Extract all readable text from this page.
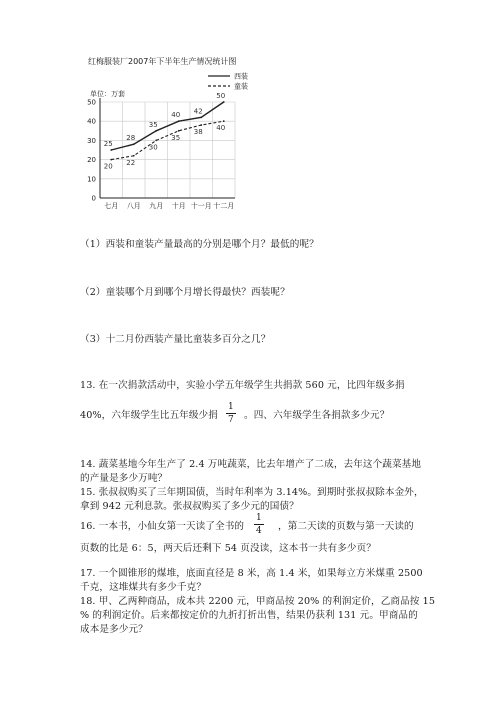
红梅服装厂2007年下半年生产情况统计图
单位：万套
0
10
20
30
40
50
七月 八月 九月 十月 十一月 十二月
25
28
35
40 42
50
20 22
30
35
38 40
西装
童装
（1）西装和童装产量最高的分别是哪个月？最低的呢？
（2）童装哪个月到哪个月增长得最快？西装呢？
（3）十二月份西装产量比童装多百分之几？
13. 在一次捐款活动中，实验小学五年级学生共捐款 560 元，比四年级多捐
40%，六年级学生比五年级少捐 $\frac{1}{7}$ 。四、六年级学生各捐款多少元？
14. 蔬菜基地今年生产了 2.4 万吨蔬菜，比去年增产了二成，去年这个蔬菜基地
的产量是多少万吨？
15. 张叔叔购买了三年期国债，当时年利率为 3.14%。到期时张叔叔除本金外，
拿到 942 元利息款。张叔叔购买了多少元的国债？
16. 一本书，小仙女第一天读了全书的 $\frac{1}{4}$ ，第二天读的页数与第一天读的
页数的比是 6：5，两天后还剩下 54 页没读，这本书一共有多少页？
17. 一个圆锥形的煤堆，底面直径是 8 米，高 1.4 米，如果每立方米煤重 2500
千克，这堆煤共有多少千克？
18. 甲、乙两种商品，成本共 2200 元，甲商品按 20% 的利润定价，乙商品按 15
% 的利润定价。后来都按定价的九折打折出售，结果仍获利 131 元。甲商品的
成本是多少元？
